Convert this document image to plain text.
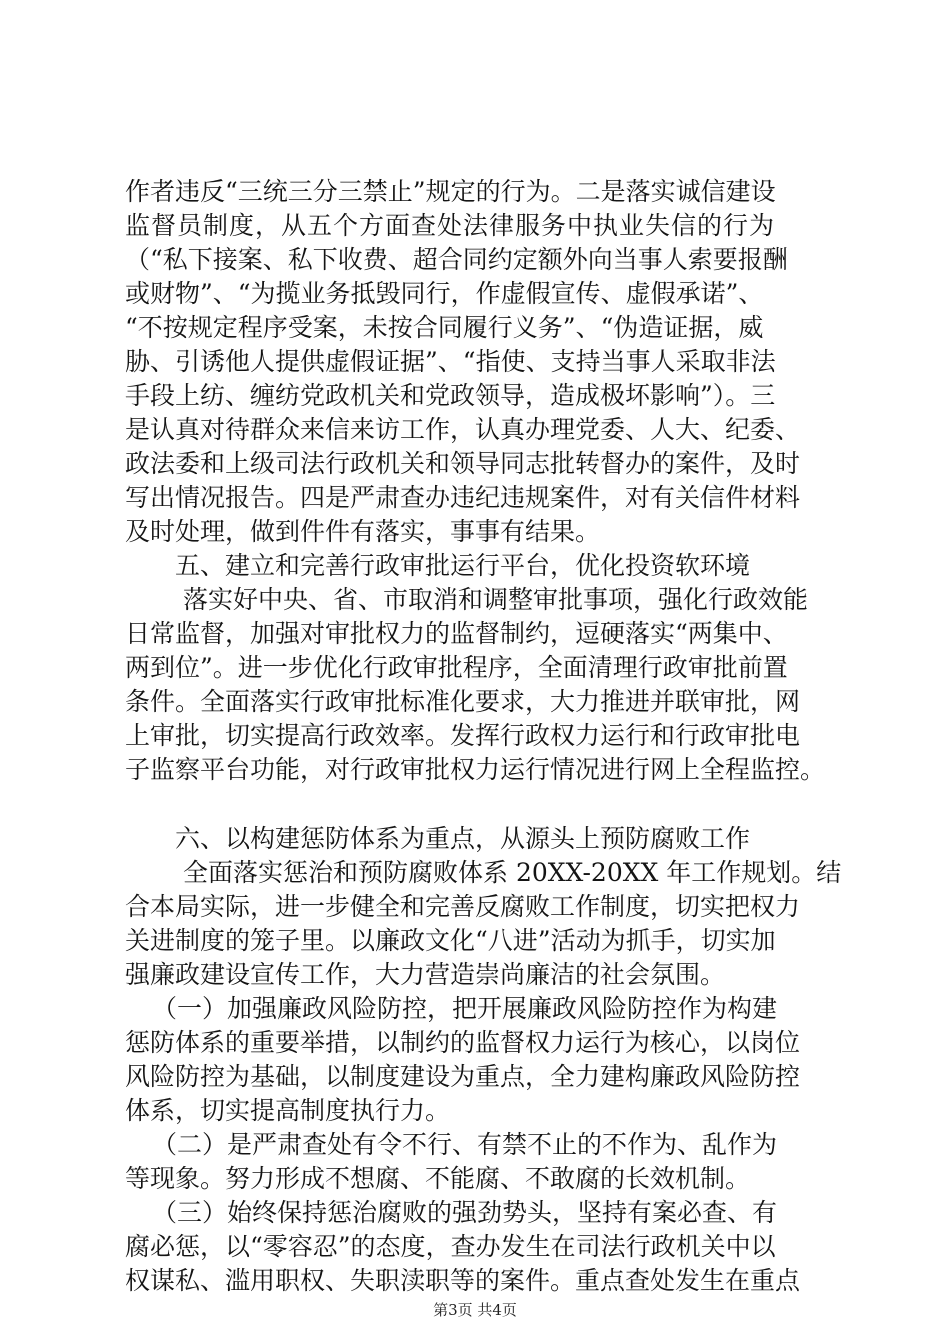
作者违反“三统三分三禁止”规定的行为。二是落实诚信建设
监督员制度，从五个方面查处法律服务中执业失信的行为
（“私下接案、私下收费、超合同约定额外向当事人索要报酬
或财物”、“为揽业务抵毁同行，作虚假宣传、虚假承诺”、
“不按规定程序受案，未按合同履行义务”、“伪造证据，威
胁、引诱他人提供虚假证据”、“指使、支持当事人采取非法
手段上纺、缠纺党政机关和党政领导，造成极坏影响”）。三
是认真对待群众来信来访工作，认真办理党委、人大、纪委、
政法委和上级司法行政机关和领导同志批转督办的案件，及时
写出情况报告。四是严肃查办违纪违规案件，对有关信件材料
及时处理，做到件件有落实，事事有结果。
五、建立和完善行政审批运行平台，优化投资软环境
落实好中央、省、市取消和调整审批事项，强化行政效能
日常监督，加强对审批权力的监督制约，逗硬落实“两集中、
两到位”。进一步优化行政审批程序，全面清理行政审批前置
条件。全面落实行政审批标准化要求，大力推进并联审批，网
上审批，切实提高行政效率。发挥行政权力运行和行政审批电
子监察平台功能，对行政审批权力运行情况进行网上全程监控。
六、以构建惩防体系为重点，从源头上预防腐败工作
全面落实惩治和预防腐败体系 20XX-20XX 年工作规划。结
合本局实际，进一步健全和完善反腐败工作制度，切实把权力
关进制度的笼子里。以廉政文化“八进”活动为抓手，切实加
强廉政建设宣传工作，大力营造崇尚廉洁的社会氛围。
（一）加强廉政风险防控，把开展廉政风险防控作为构建
惩防体系的重要举措，以制约的监督权力运行为核心，以岗位
风险防控为基础，以制度建设为重点，全力建构廉政风险防控
体系，切实提高制度执行力。
（二）是严肃查处有令不行、有禁不止的不作为、乱作为
等现象。努力形成不想腐、不能腐、不敢腐的长效机制。
（三）始终保持惩治腐败的强劲势头，坚持有案必查、有
腐必惩，以“零容忍”的态度，查办发生在司法行政机关中以
权谋私、滥用职权、失职渎职等的案件。重点查处发生在重点
第3页 共4页
